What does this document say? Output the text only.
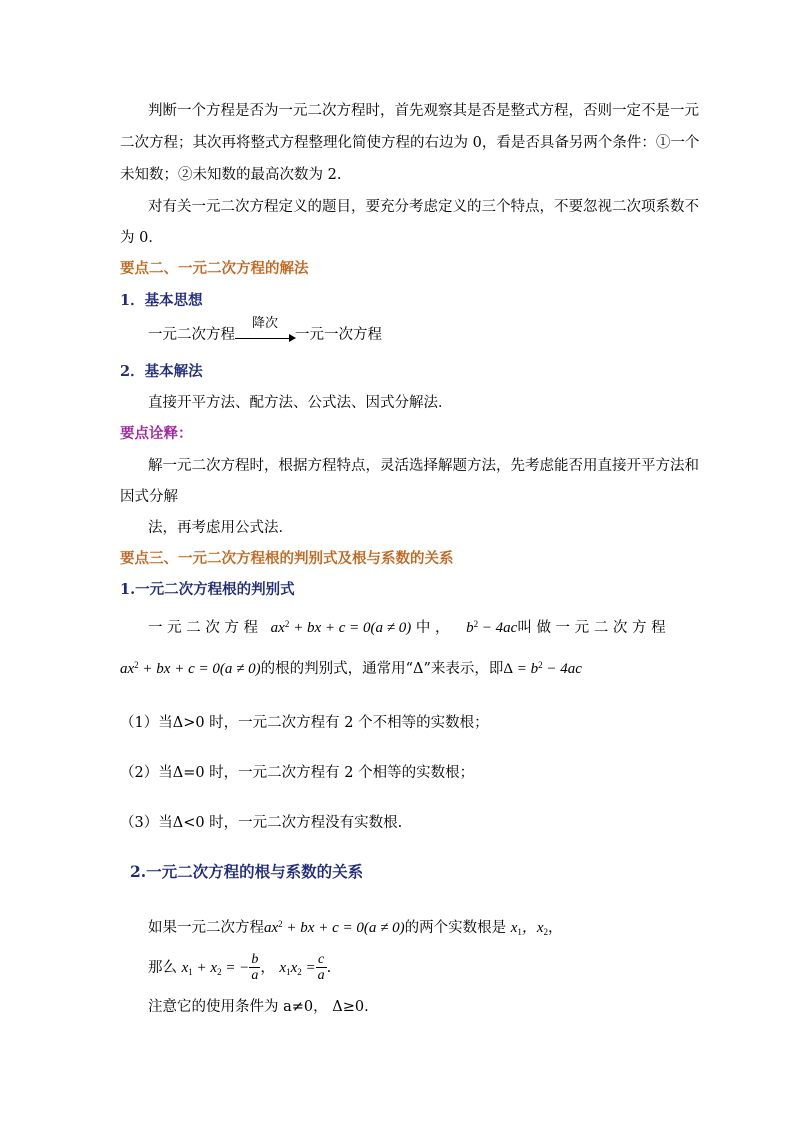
判断一个方程是否为一元二次方程时，首先观察其是否是整式方程，否则一定不是一元
二次方程；其次再将整式方程整理化简使方程的右边为 0，看是否具备另两个条件：①一个
未知数；②未知数的最高次数为 2.
对有关一元二次方程定义的题目，要充分考虑定义的三个特点，不要忽视二次项系数不
为 0．
要点二、一元二次方程的解法
1．基本思想
一元二次方程
降次
一元一次方程
2．基本解法
直接开平方法、配方法、公式法、因式分解法．
要点诠释：
解一元二次方程时，根据方程特点，灵活选择解题方法，先考虑能否用直接开平方法和
因式分解
法，再考虑用公式法．
要点三、一元二次方程根的判别式及根与系数的关系
1.一元二次方程根的判别式
一 元 二 次 方 程 $ax^2$ + bx + c = 0(a ≠ 0) 中 ， $b^2 - 4ac$叫 做 一 元 二 次 方 程
$ax^2$ + bx + c = 0(a ≠ 0)的根的判别式，通常用“Δ”来表示，即$\Delta = b^2 - 4ac$
（1）当Δ>0 时，一元二次方程有 2 个不相等的实数根；
（2）当Δ=0 时，一元二次方程有 2 个相等的实数根；
（3）当Δ<0 时，一元二次方程没有实数根.
2.一元二次方程的根与系数的关系
如果一元二次方程$ax^2$ + bx + c = 0(a ≠ 0)的两个实数根是 $x_1$，$x_2$，
那么 $x_1 + x_2$ = − $\frac{b}{a}$ ， $x_1x_2 = \frac{c}{a}$ .
注意它的使用条件为 a≠0， Δ≥0.
